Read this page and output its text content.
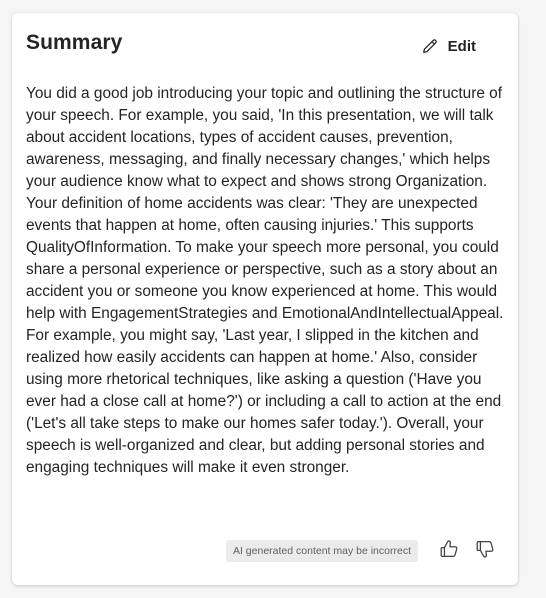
Summary	Edit

You did a good job introducing your topic and outlining the structure of your speech. For example, you said, 'In this presentation, we will talk about accident locations, types of accident causes, prevention, awareness, messaging, and finally necessary changes,' which helps your audience know what to expect and shows strong Organization. Your definition of home accidents was clear: 'They are unexpected events that happen at home, often causing injuries.' This supports QualityOfInformation. To make your speech more personal, you could share a personal experience or perspective, such as a story about an accident you or someone you know experienced at home. This would help with EngagementStrategies and EmotionalAndIntellectualAppeal. For example, you might say, 'Last year, I slipped in the kitchen and realized how easily accidents can happen at home.' Also, consider using more rhetorical techniques, like asking a question ('Have you ever had a close call at home?') or including a call to action at the end ('Let's all take steps to make our homes safer today.'). Overall, your speech is well-organized and clear, but adding personal stories and engaging techniques will make it even stronger.

AI generated content may be incorrect
